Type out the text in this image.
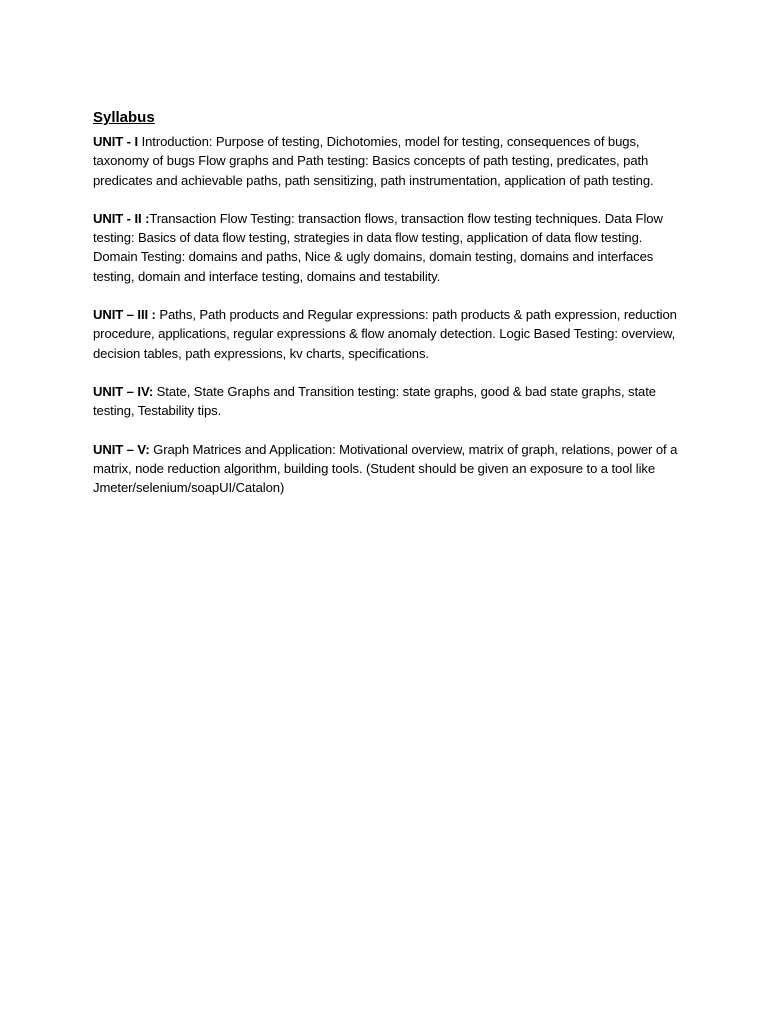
Syllabus

UNIT - I Introduction: Purpose of testing, Dichotomies, model for testing, consequences of bugs, taxonomy of bugs Flow graphs and Path testing: Basics concepts of path testing, predicates, path predicates and achievable paths, path sensitizing, path instrumentation, application of path testing.

UNIT - II :Transaction Flow Testing: transaction flows, transaction flow testing techniques. Data Flow testing: Basics of data flow testing, strategies in data flow testing, application of data flow testing. Domain Testing: domains and paths, Nice & ugly domains, domain testing, domains and interfaces testing, domain and interface testing, domains and testability.

UNIT – III : Paths, Path products and Regular expressions: path products & path expression, reduction procedure, applications, regular expressions & flow anomaly detection. Logic Based Testing: overview, decision tables, path expressions, kv charts, specifications.

UNIT – IV: State, State Graphs and Transition testing: state graphs, good & bad state graphs, state testing, Testability tips.

UNIT – V: Graph Matrices and Application: Motivational overview, matrix of graph, relations, power of a matrix, node reduction algorithm, building tools. (Student should be given an exposure to a tool like Jmeter/selenium/soapUI/Catalon)
